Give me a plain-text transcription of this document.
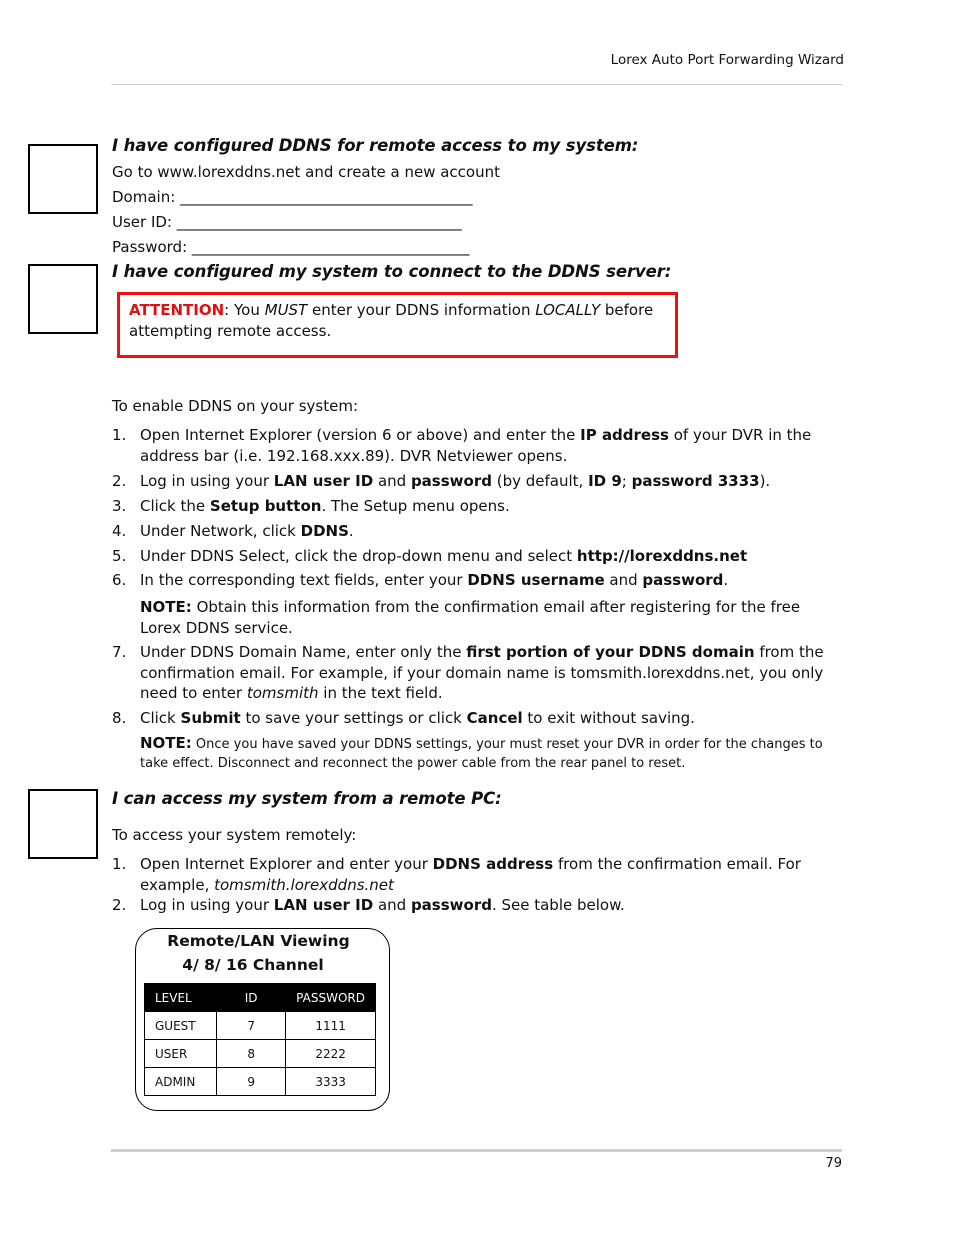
Lorex Auto Port Forwarding Wizard
79
I have configured DDNS for remote access to my system:
Go to www.lorexddns.net and create a new account
Domain: _______________________________________
User ID: ______________________________________
Password: _____________________________________
I have configured my system to connect to the DDNS server:
ATTENTION: You MUST enter your DDNS information LOCALLY before attempting remote access.
To enable DDNS on your system:
1. Open Internet Explorer (version 6 or above) and enter the IP address of your DVR in the address bar (i.e. 192.168.xxx.89). DVR Netviewer opens.
2. Log in using your LAN user ID and password (by default, ID 9; password 3333).
3. Click the Setup button. The Setup menu opens.
4. Under Network, click DDNS.
5. Under DDNS Select, click the drop-down menu and select http://lorexddns.net
6. In the corresponding text fields, enter your DDNS username and password.
NOTE: Obtain this information from the confirmation email after registering for the free Lorex DDNS service.
7. Under DDNS Domain Name, enter only the first portion of your DDNS domain from the confirmation email. For example, if your domain name is tomsmith.lorexddns.net, you only need to enter tomsmith in the text field.
8. Click Submit to save your settings or click Cancel to exit without saving.
NOTE: Once you have saved your DDNS settings, your must reset your DVR in order for the changes to take effect. Disconnect and reconnect the power cable from the rear panel to reset.
I can access my system from a remote PC:
To access your system remotely:
1. Open Internet Explorer and enter your DDNS address from the confirmation email. For example, tomsmith.lorexddns.net
2. Log in using your LAN user ID and password. See table below.
Remote/LAN Viewing
4/ 8/ 16 Channel
LEVEL	ID	PASSWORD
GUEST	7	1111
USER	8	2222
ADMIN	9	3333
